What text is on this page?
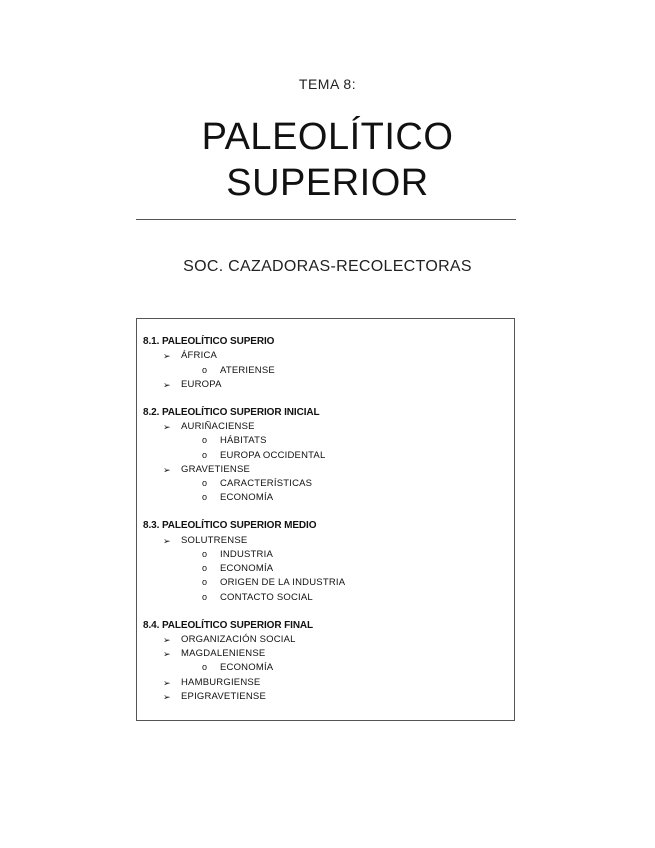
TEMA 8:
PALEOLÍTICO
SUPERIOR
SOC. CAZADORAS-RECOLECTORAS
8.1. PALEOLÍTICO SUPERIO
➢ ÁFRICA
o ATERIENSE
➢ EUROPA
8.2. PALEOLÍTICO SUPERIOR INICIAL
➢ AURIÑACIENSE
o HÁBITATS
o EUROPA OCCIDENTAL
➢ GRAVETIENSE
o CARACTERÍSTICAS
o ECONOMÍA
8.3. PALEOLÍTICO SUPERIOR MEDIO
➢ SOLUTRENSE
o INDUSTRIA
o ECONOMÍA
o ORIGEN DE LA INDUSTRIA
o CONTACTO SOCIAL
8.4. PALEOLÍTICO SUPERIOR FINAL
➢ ORGANIZACIÓN SOCIAL
➢ MAGDALENIENSE
o ECONOMÍA
➢ HAMBURGIENSE
➢ EPIGRAVETIENSE
